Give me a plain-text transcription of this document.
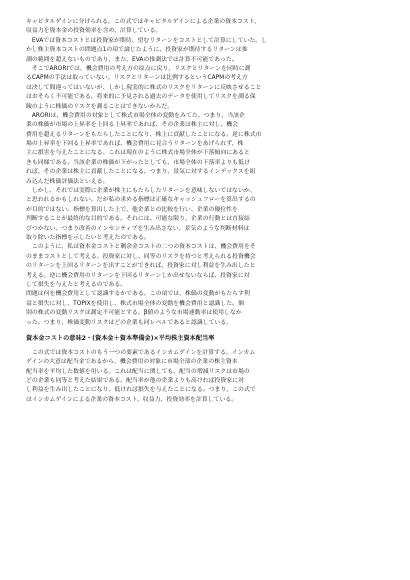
キャピタルゲインに分けられる。この式ではキャピタルゲインによる企業の資本コスト、
収益力を資本金の投資効率を含め、計算している。
　EVAでは資本コストとは投資家が期待、望むリターンをコストとして計算にしていた。し
かし株主資本コストの問題点1の項で論じたように、投資家が期待するリターンは推
測の範囲を超えないものであり、また、EVAの推測法では計算不可能であった。
　そこでARORIでは、機会費用の考え方の原点に戻り、リスクとリターンを同時に測
るCAPMの手法は取っていない。リスクとリターンは比例するというCAPMの考え方
は決して間違ってはいないが、しかし現実的に株式のリスクをリターンに反映させること
はおそらく不可能である。将来的に予見される過去のデータを使用してリスクを測る保
険のように株価のリスクを測ることはできないからだ。
　ARORIは、機会費用の対象として株式市場全体の変動をみてた。つまり、当該企
業の株価が市場の上昇率を上回る上昇率であれば、その企業は株主に対し、機会
費用を超えるリターンをもたらしたことになり、株主に貢献したことになる。逆に株式市
場の上昇率を下回る上昇率であれば、機会費用に見合うリターンをあげられず、株
主に損害を与えたことになる。これは現在のように株式市場全体が下落傾向にあると
きも同様である。当該企業の株価が下がったとしても、市場全体の下落率よりも低け
れば、その企業は株主に貢献したことになる。つまり、景気に対するインデックスを組
み込んだ株価評価法といえる。
　しかし、それでは実際に企業が株主にもたらしたリターンを意味しないではないか、
と思われるかもしれない。だが私の求める指標は正確なキャッシュフローを算出するの
が目的ではない。指標を算出した上で、他企業との比較を行い、企業の優位性を
判断することが最終的な目的である。それには、可能な限り、企業の行動とは直接結
びつかない、つまり改善のインセンティブを生み出さない、景気のような判断材料は
取り除いた指標を示したいと考えたのである。
　このように、私は資本金コストと剰余金コストの二つの資本コストは、機会費用をそ
のままコストとして考える。投資家に対し、同等のリスクを持つと考えられる投資機会
のリターンを上回るリターンを出すことができれば、投資家に対し利益を生み出したと
考える。逆に機会費用のリターンを下回るリターンしか出せないならば、投資家に対
して損失を与えたと考えるのである。
問題は何を機会費用として認識するかである。この項では、株価の変動がもたらす利
益と損失に対し、TOPIXを使用し、株式市場全体の変動を機会費用と認識した。個
別の株式の変動リスクは測定不可能とする。β値のような市場連動率は使用しなか
った。つまり、株価変動リスクはどの企業も同レベルであると認識している。
資本金コストの意味2・(資本金＋資本準備金)×平均株主資本配当率
　この式では資本コストのもう一つの要素であるインカムゲインを計算する。インカム
ゲインの大意は配当金であるから、機会費用の対象に市場全部の企業の株主資本
配当率を平均した数値を用いる。これは配当に関しても、配当の増減リスクは市場の
どの企業も同等と考えた結果である。配当率が他の企業よりも高ければ投資家に対
し利益を生み出したことになり、低ければ損失を与えたことになる。つまり、この式で
はインカムゲインによる企業の資本コスト、収益力、投資効率を計算している。
